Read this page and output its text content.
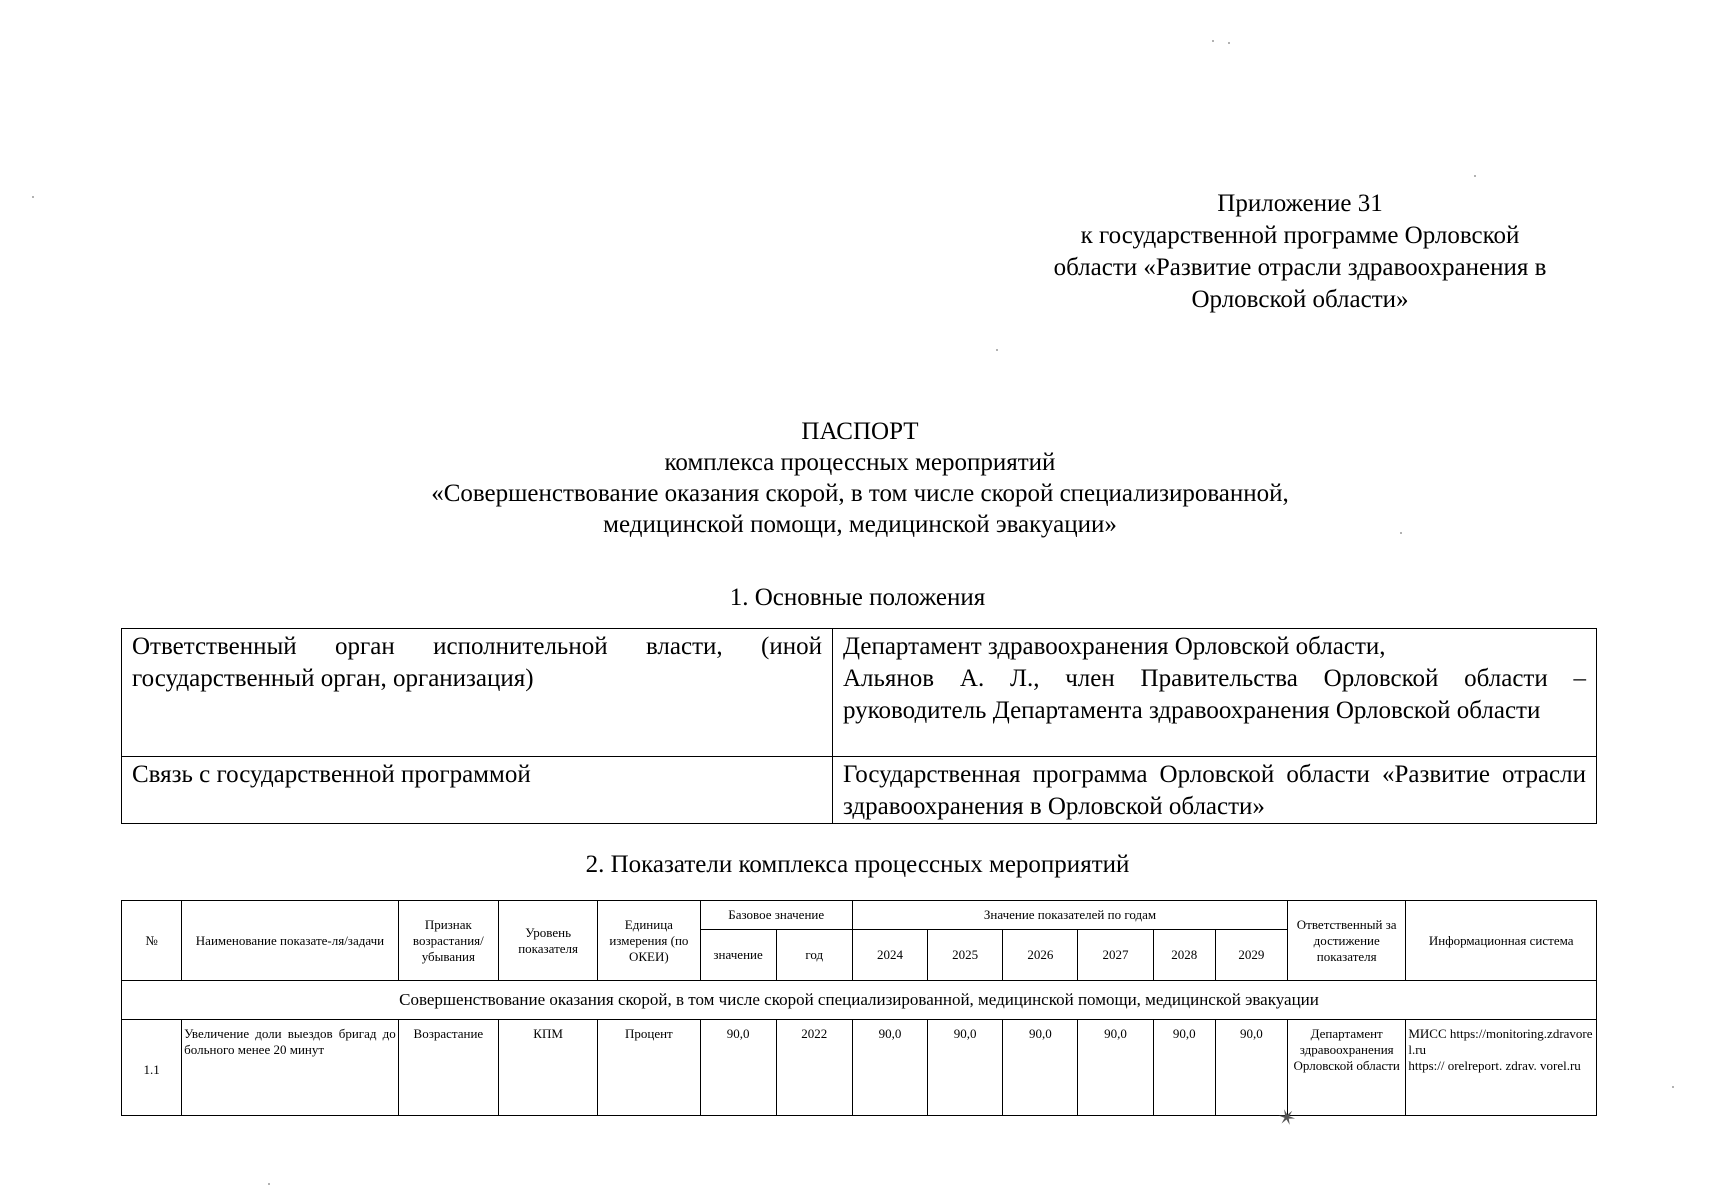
Приложение 31
к государственной программе Орловской
области «Развитие отрасли здравоохранения в
Орловской области»
ПАСПОРТ
комплекса процессных мероприятий
«Совершенствование оказания скорой, в том числе скорой специализированной,
медицинской помощи, медицинской эвакуации»
1. Основные положения
Ответственный орган исполнительной власти, (иной государственный орган, организация)	Департамент здравоохранения Орловской области,
Альянов А. Л., член Правительства Орловской области – руководитель Департамента здравоохранения Орловской области

Связь с государственной программой	Государственная программа Орловской области «Развитие отрасли здравоохранения в Орловской области»
2. Показатели комплекса процессных мероприятий
№	Наименование показате-ля/задачи	Признак возрастания/ убывания	Уровень показателя	Единица измерения (по ОКЕИ)	Базовое значение		Значение показателей по годам						Ответственный за достижение показателя	Информационная система
					значение	год	2024	2025	2026	2027	2028	2029		
Совершенствование оказания скорой, в том числе скорой специализированной, медицинской помощи, медицинской эвакуации														
1.1	Увеличение доли выездов бригад до больного менее 20 минут	Возрастание	КПМ	Процент	90,0	2022	90,0	90,0	90,0	90,0	90,0	90,0	Департамент здравоохранения Орловской области	МИСС https://monitoring.zdravorel.ru
https:// orelreport. zdrav. vorel.ru
✶
